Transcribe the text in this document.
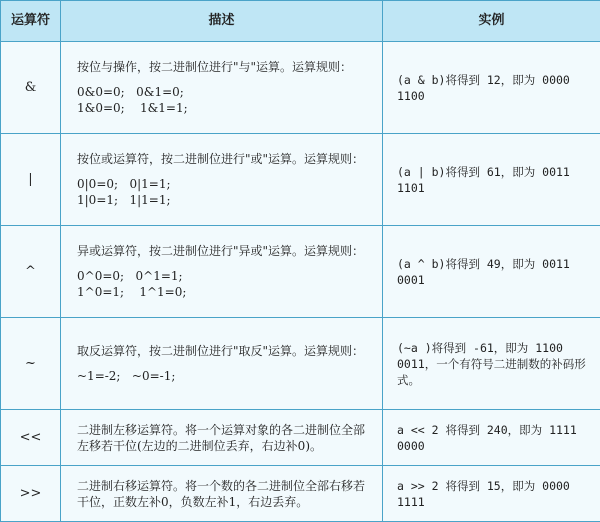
运算符	描述	实例
&	按位与操作，按二进制位进行"与"运算。运算规则：
0&0=0;   0&1=0;
1&0=0;    1&1=1;	(a & b)将得到 12，即为 0000 1100
|	按位或运算符，按二进制位进行"或"运算。运算规则：
0|0=0;   0|1=1;
1|0=1;   1|1=1;	(a | b)将得到 61，即为 0011 1101
^	异或运算符，按二进制位进行"异或"运算。运算规则：
0^0=0;   0^1=1;
1^0=1;    1^1=0;	(a ^ b)将得到 49，即为 0011 0001
~	取反运算符，按二进制位进行"取反"运算。运算规则：
~1=-2;   ~0=-1;	(~a )将得到 -61，即为 1100 0011，一个有符号二进制数的补码形式。
<<	二进制左移运算符。将一个运算对象的各二进制位全部左移若干位(左边的二进制位丢弃，右边补0)。	a << 2 将得到 240，即为 1111 0000
>>	二进制右移运算符。将一个数的各二进制位全部右移若干位，正数左补0，负数左补1，右边丢弃。	a >> 2 将得到 15，即为 0000 1111
